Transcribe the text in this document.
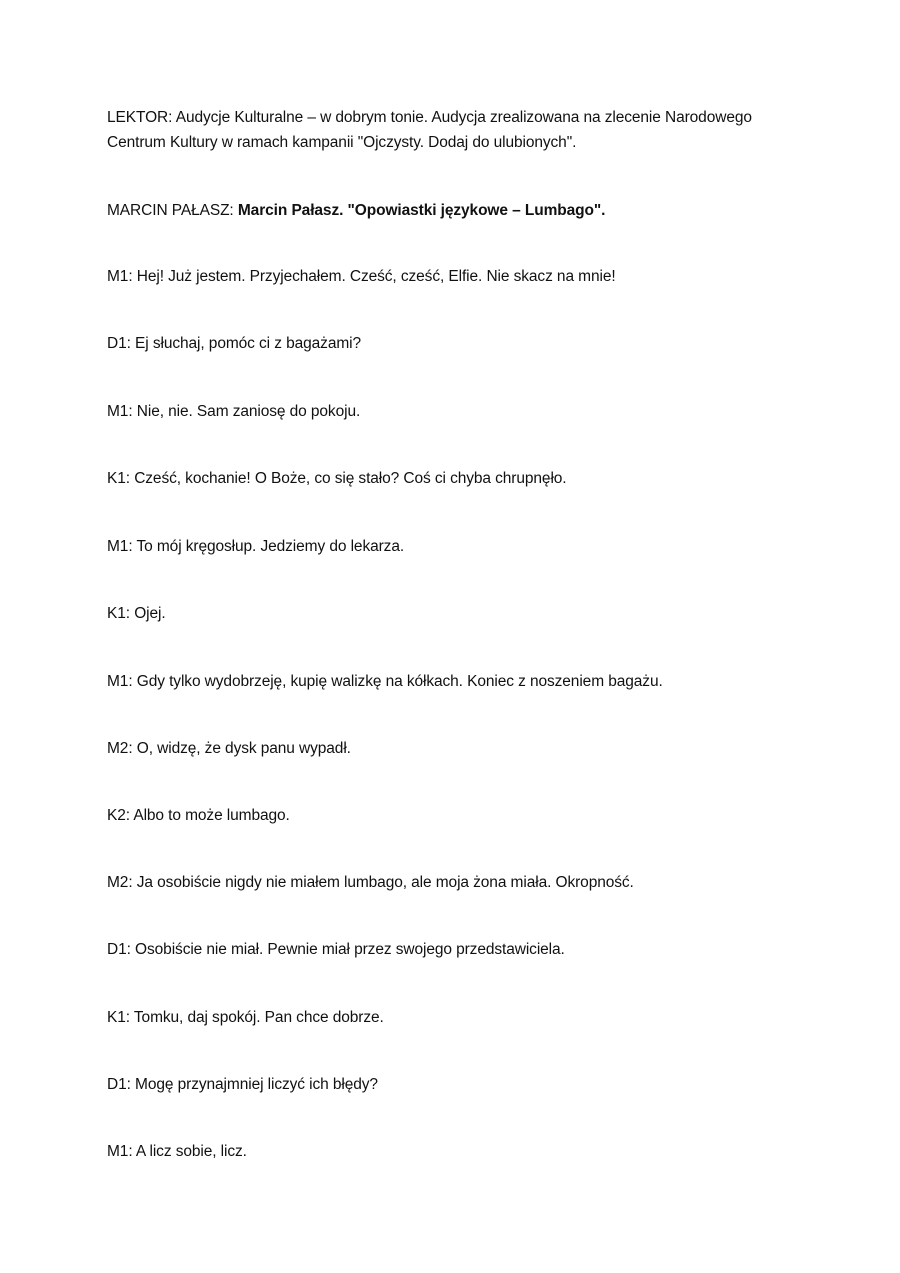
LEKTOR: Audycje Kulturalne – w dobrym tonie. Audycja zrealizowana na zlecenie Narodowego Centrum Kultury w ramach kampanii "Ojczysty. Dodaj do ulubionych".
MARCIN PAŁASZ: Marcin Pałasz. "Opowiastki językowe – Lumbago".
M1: Hej! Już jestem. Przyjechałem. Cześć, cześć, Elfie. Nie skacz na mnie!
D1: Ej słuchaj, pomóc ci z bagażami?
M1: Nie, nie. Sam zaniosę do pokoju.
K1: Cześć, kochanie! O Boże, co się stało? Coś ci chyba chrupnęło.
M1: To mój kręgosłup. Jedziemy do lekarza.
K1: Ojej.
M1: Gdy tylko wydobrzeję, kupię walizkę na kółkach. Koniec z noszeniem bagażu.
M2: O, widzę, że dysk panu wypadł.
K2: Albo to może lumbago.
M2: Ja osobiście nigdy nie miałem lumbago, ale moja żona miała. Okropność.
D1: Osobiście nie miał. Pewnie miał przez swojego przedstawiciela.
K1: Tomku, daj spokój. Pan chce dobrze.
D1: Mogę przynajmniej liczyć ich błędy?
M1: A licz sobie, licz.
